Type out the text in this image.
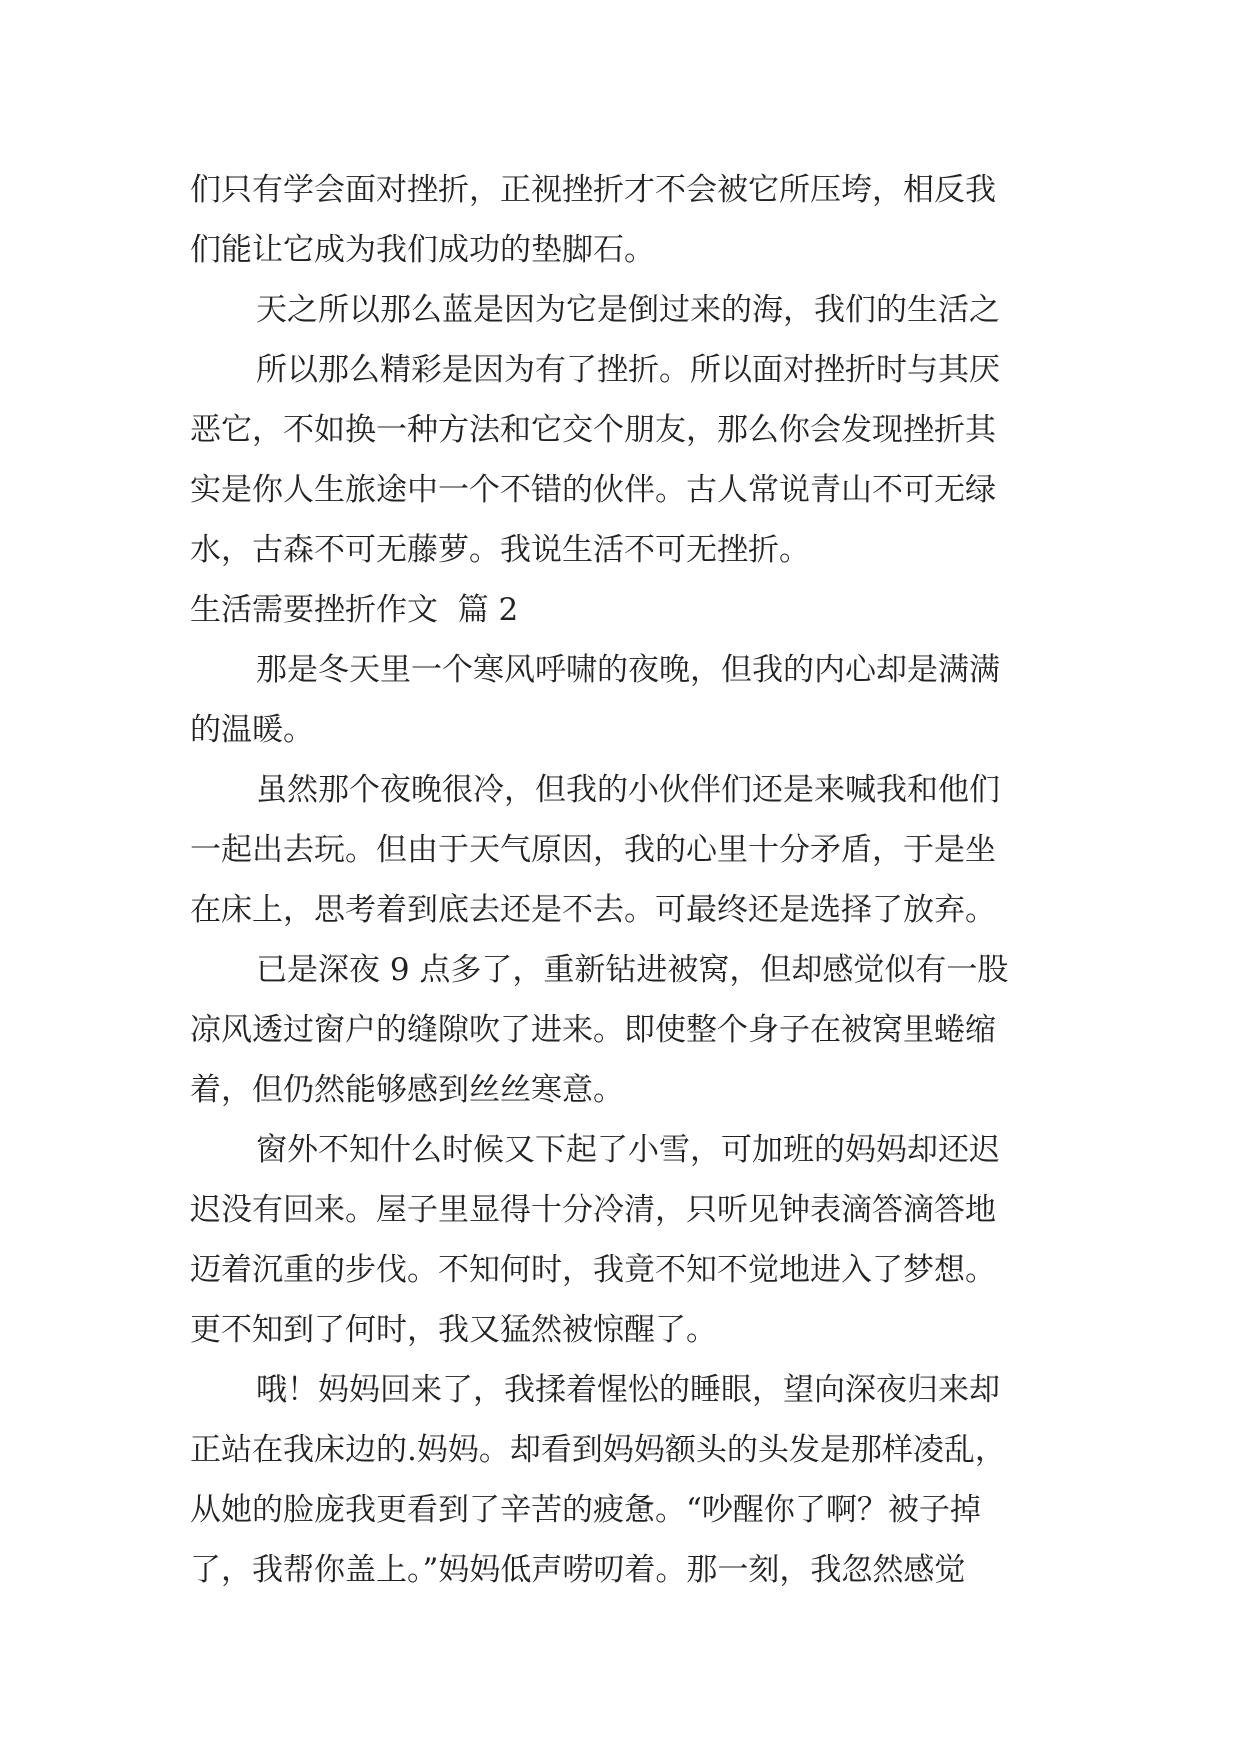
们只有学会面对挫折，正视挫折才不会被它所压垮，相反我
们能让它成为我们成功的垫脚石。
天之所以那么蓝是因为它是倒过来的海，我们的生活之
所以那么精彩是因为有了挫折。所以面对挫折时与其厌
恶它，不如换一种方法和它交个朋友，那么你会发现挫折其
实是你人生旅途中一个不错的伙伴。古人常说青山不可无绿
水，古森不可无藤萝。我说生活不可无挫折。
生活需要挫折作文  篇 2
那是冬天里一个寒风呼啸的夜晚，但我的内心却是满满
的温暖。
虽然那个夜晚很冷，但我的小伙伴们还是来喊我和他们
一起出去玩。但由于天气原因，我的心里十分矛盾，于是坐
在床上，思考着到底去还是不去。可最终还是选择了放弃。
已是深夜 9 点多了，重新钻进被窝，但却感觉似有一股
凉风透过窗户的缝隙吹了进来。即使整个身子在被窝里蜷缩
着，但仍然能够感到丝丝寒意。
窗外不知什么时候又下起了小雪，可加班的妈妈却还迟
迟没有回来。屋子里显得十分冷清，只听见钟表滴答滴答地
迈着沉重的步伐。不知何时，我竟不知不觉地进入了梦想。
更不知到了何时，我又猛然被惊醒了。
哦！妈妈回来了，我揉着惺忪的睡眼，望向深夜归来却
正站在我床边的.妈妈。却看到妈妈额头的头发是那样凌乱，
从她的脸庞我更看到了辛苦的疲惫。“吵醒你了啊？被子掉
了，我帮你盖上。”妈妈低声唠叨着。那一刻，我忽然感觉
